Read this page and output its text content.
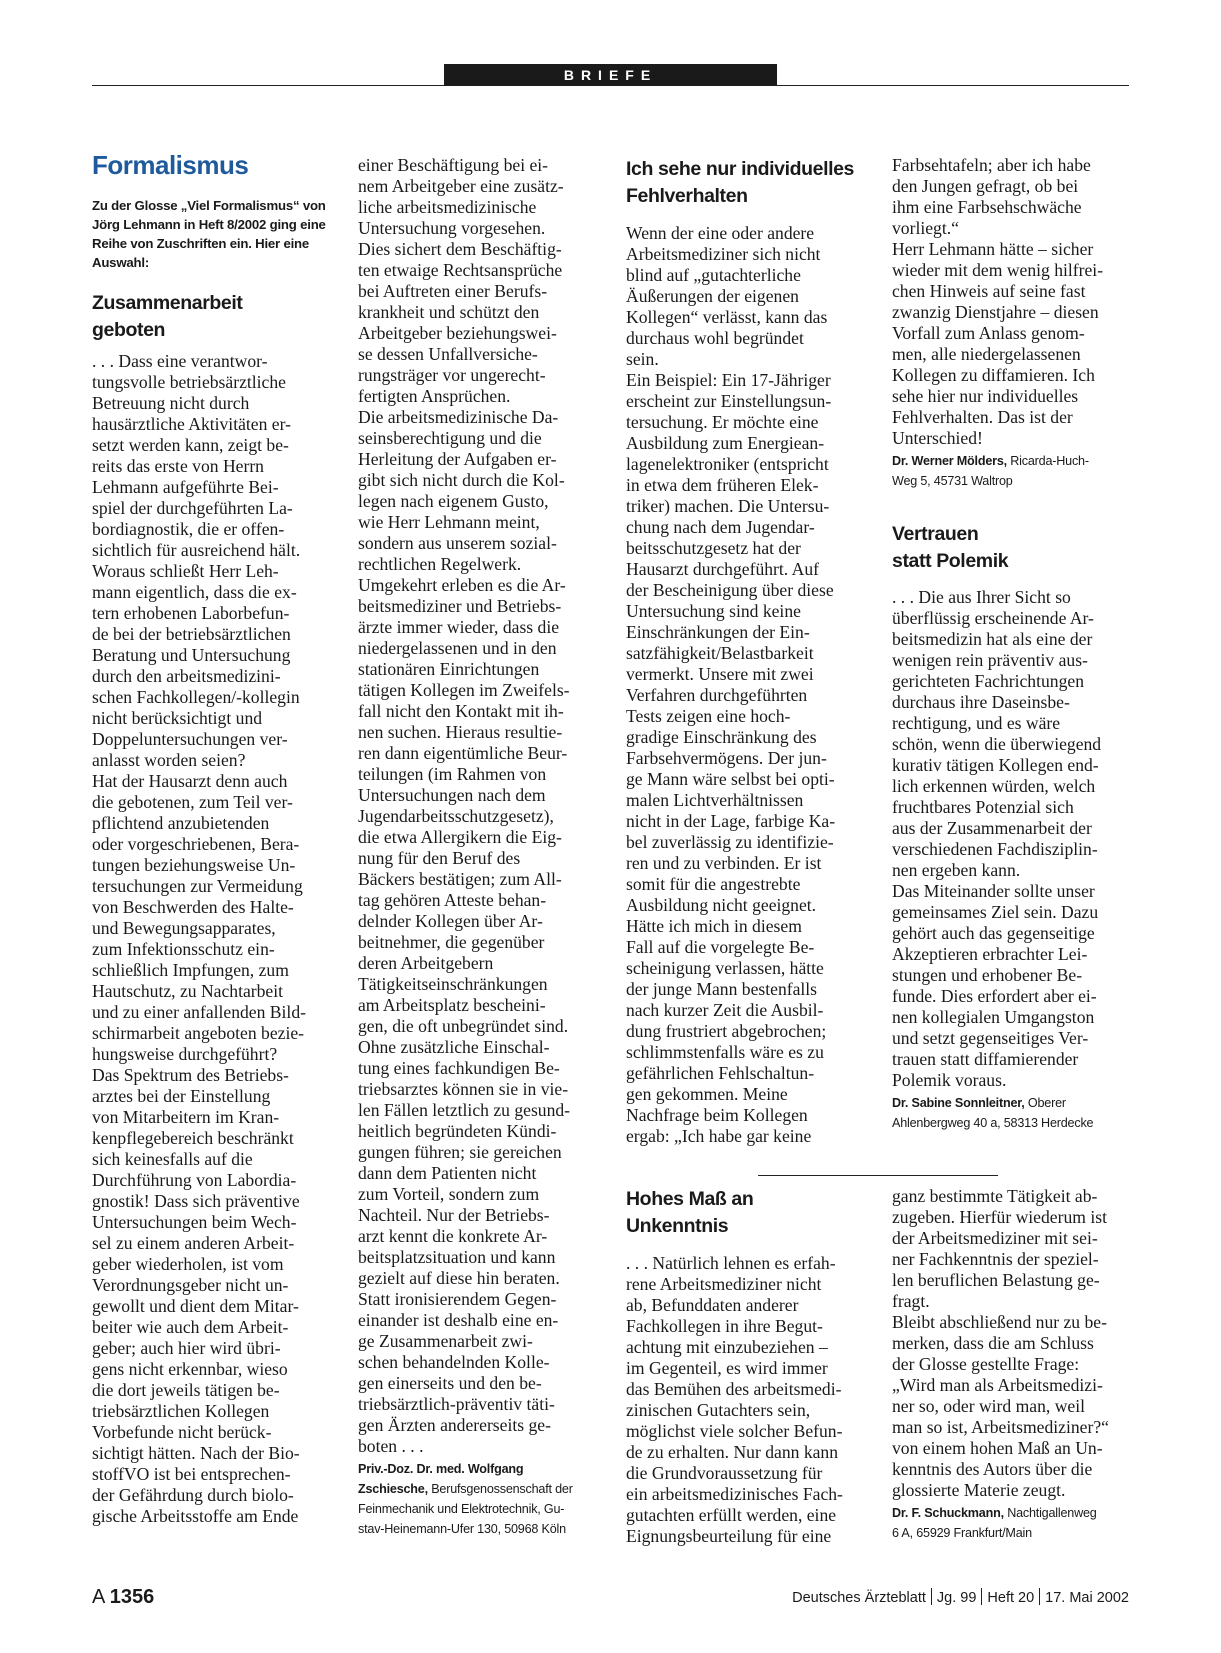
BRIEFE
Formalismus

Zu der Glosse „Viel Formalismus“ von Jörg Lehmann in Heft 8/2002 ging eine Reihe von Zuschriften ein. Hier eine Auswahl:

Zusammenarbeit
geboten
. . . Dass eine verantwor-
tungsvolle betriebsärztliche
Betreuung nicht durch
hausärztliche Aktivitäten er-
setzt werden kann, zeigt be-
reits das erste von Herrn
Lehmann aufgeführte Bei-
spiel der durchgeführten La-
bordiagnostik, die er offen-
sichtlich für ausreichend hält.
Woraus schließt Herr Leh-
mann eigentlich, dass die ex-
tern erhobenen Laborbefun-
de bei der betriebsärztlichen
Beratung und Untersuchung
durch den arbeitsmedizini-
schen Fachkollegen/-kollegin
nicht berücksichtigt und
Doppeluntersuchungen ver-
anlasst worden seien?
Hat der Hausarzt denn auch
die gebotenen, zum Teil ver-
pflichtend anzubietenden
oder vorgeschriebenen, Bera-
tungen beziehungsweise Un-
tersuchungen zur Vermeidung
von Beschwerden des Halte-
und Bewegungsapparates,
zum Infektionsschutz ein-
schließlich Impfungen, zum
Hautschutz, zu Nachtarbeit
und zu einer anfallenden Bild-
schirmarbeit angeboten bezie-
hungsweise durchgeführt?
Das Spektrum des Betriebs-
arztes bei der Einstellung
von Mitarbeitern im Kran-
kenpflegebereich beschränkt
sich keinesfalls auf die
Durchführung von Labordia-
gnostik! Dass sich präventive
Untersuchungen beim Wech-
sel zu einem anderen Arbeit-
geber wiederholen, ist vom
Verordnungsgeber nicht un-
gewollt und dient dem Mitar-
beiter wie auch dem Arbeit-
geber; auch hier wird übri-
gens nicht erkennbar, wieso
die dort jeweils tätigen be-
triebsärztlichen Kollegen
Vorbefunde nicht berück-
sichtigt hätten. Nach der Bio-
stoffVO ist bei entsprechen-
der Gefährdung durch biolo-
gische Arbeitsstoffe am Ende
einer Beschäftigung bei ei-
nem Arbeitgeber eine zusätz-
liche arbeitsmedizinische
Untersuchung vorgesehen.
Dies sichert dem Beschäftig-
ten etwaige Rechtsansprüche
bei Auftreten einer Berufs-
krankheit und schützt den
Arbeitgeber beziehungswei-
se dessen Unfallversiche-
rungsträger vor ungerecht-
fertigten Ansprüchen.
Die arbeitsmedizinische Da-
seinsberechtigung und die
Herleitung der Aufgaben er-
gibt sich nicht durch die Kol-
legen nach eigenem Gusto,
wie Herr Lehmann meint,
sondern aus unserem sozial-
rechtlichen Regelwerk.
Umgekehrt erleben es die Ar-
beitsmediziner und Betriebs-
ärzte immer wieder, dass die
niedergelassenen und in den
stationären Einrichtungen
tätigen Kollegen im Zweifels-
fall nicht den Kontakt mit ih-
nen suchen. Hieraus resultie-
ren dann eigentümliche Beur-
teilungen (im Rahmen von
Untersuchungen nach dem
Jugendarbeitsschutzgesetz),
die etwa Allergikern die Eig-
nung für den Beruf des
Bäckers bestätigen; zum All-
tag gehören Atteste behan-
delnder Kollegen über Ar-
beitnehmer, die gegenüber
deren Arbeitgebern
Tätigkeitseinschränkungen
am Arbeitsplatz bescheini-
gen, die oft unbegründet sind.
Ohne zusätzliche Einschal-
tung eines fachkundigen Be-
triebsarztes können sie in vie-
len Fällen letztlich zu gesund-
heitlich begründeten Kündi-
gungen führen; sie gereichen
dann dem Patienten nicht
zum Vorteil, sondern zum
Nachteil. Nur der Betriebs-
arzt kennt die konkrete Ar-
beitsplatzsituation und kann
gezielt auf diese hin beraten.
Statt ironisierendem Gegen-
einander ist deshalb eine en-
ge Zusammenarbeit zwi-
schen behandelnden Kolle-
gen einerseits und den be-
triebsärztlich-präventiv täti-
gen Ärzten andererseits ge-
boten . . .
Priv.-Doz. Dr. med. Wolfgang
Zschiesche, Berufsgenossenschaft der
Feinmechanik und Elektrotechnik, Gu-
stav-Heinemann-Ufer 130, 50968 Köln
Ich sehe nur individuelles
Fehlverhalten
Wenn der eine oder andere
Arbeitsmediziner sich nicht
blind auf „gutachterliche
Äußerungen der eigenen
Kollegen“ verlässt, kann das
durchaus wohl begründet
sein.
Ein Beispiel: Ein 17-Jähriger
erscheint zur Einstellungsun-
tersuchung. Er möchte eine
Ausbildung zum Energiean-
lagenelektroniker (entspricht
in etwa dem früheren Elek-
triker) machen. Die Untersu-
chung nach dem Jugendar-
beitsschutzgesetz hat der
Hausarzt durchgeführt. Auf
der Bescheinigung über diese
Untersuchung sind keine
Einschränkungen der Ein-
satzfähigkeit/Belastbarkeit
vermerkt. Unsere mit zwei
Verfahren durchgeführten
Tests zeigen eine hoch-
gradige Einschränkung des
Farbsehvermögens. Der jun-
ge Mann wäre selbst bei opti-
malen Lichtverhältnissen
nicht in der Lage, farbige Ka-
bel zuverlässig zu identifizie-
ren und zu verbinden. Er ist
somit für die angestrebte
Ausbildung nicht geeignet.
Hätte ich mich in diesem
Fall auf die vorgelegte Be-
scheinigung verlassen, hätte
der junge Mann bestenfalls
nach kurzer Zeit die Ausbil-
dung frustriert abgebrochen;
schlimmstenfalls wäre es zu
gefährlichen Fehlschaltun-
gen gekommen. Meine
Nachfrage beim Kollegen
ergab: „Ich habe gar keine
Farbsehtafeln; aber ich habe
den Jungen gefragt, ob bei
ihm eine Farbsehschwäche
vorliegt.“
Herr Lehmann hätte – sicher
wieder mit dem wenig hilfrei-
chen Hinweis auf seine fast
zwanzig Dienstjahre – diesen
Vorfall zum Anlass genom-
men, alle niedergelassenen
Kollegen zu diffamieren. Ich
sehe hier nur individuelles
Fehlverhalten. Das ist der
Unterschied!
Dr. Werner Mölders, Ricarda-Huch-
Weg 5, 45731 Waltrop
Vertrauen
statt Polemik
. . . Die aus Ihrer Sicht so
überflüssig erscheinende Ar-
beitsmedizin hat als eine der
wenigen rein präventiv aus-
gerichteten Fachrichtungen
durchaus ihre Daseinsbe-
rechtigung, und es wäre
schön, wenn die überwiegend
kurativ tätigen Kollegen end-
lich erkennen würden, welch
fruchtbares Potenzial sich
aus der Zusammenarbeit der
verschiedenen Fachdisziplin-
nen ergeben kann.
Das Miteinander sollte unser
gemeinsames Ziel sein. Dazu
gehört auch das gegenseitige
Akzeptieren erbrachter Lei-
stungen und erhobener Be-
funde. Dies erfordert aber ei-
nen kollegialen Umgangston
und setzt gegenseitiges Ver-
trauen statt diffamierender
Polemik voraus.
Dr. Sabine Sonnleitner, Oberer
Ahlenbergweg 40 a, 58313 Herdecke
Hohes Maß an
Unkenntnis
. . . Natürlich lehnen es erfah-
rene Arbeitsmediziner nicht
ab, Befunddaten anderer
Fachkollegen in ihre Begut-
achtung mit einzubeziehen –
im Gegenteil, es wird immer
das Bemühen des arbeitsmedi-
zinischen Gutachters sein,
möglichst viele solcher Befun-
de zu erhalten. Nur dann kann
die Grundvoraussetzung für
ein arbeitsmedizinisches Fach-
gutachten erfüllt werden, eine
Eignungsbeurteilung für eine
ganz bestimmte Tätigkeit ab-
zugeben. Hierfür wiederum ist
der Arbeitsmediziner mit sei-
ner Fachkenntnis der speziel-
len beruflichen Belastung ge-
fragt.
Bleibt abschließend nur zu be-
merken, dass die am Schluss
der Glosse gestellte Frage:
„Wird man als Arbeitsmedizi-
ner so, oder wird man, weil
man so ist, Arbeitsmediziner?“
von einem hohen Maß an Un-
kenntnis des Autors über die
glossierte Materie zeugt.
Dr. F. Schuckmann, Nachtigallenweg
6 A, 65929 Frankfurt/Main
A 1356	Deutsches Ärzteblatt Jg. 99 Heft 20 17. Mai 2002
